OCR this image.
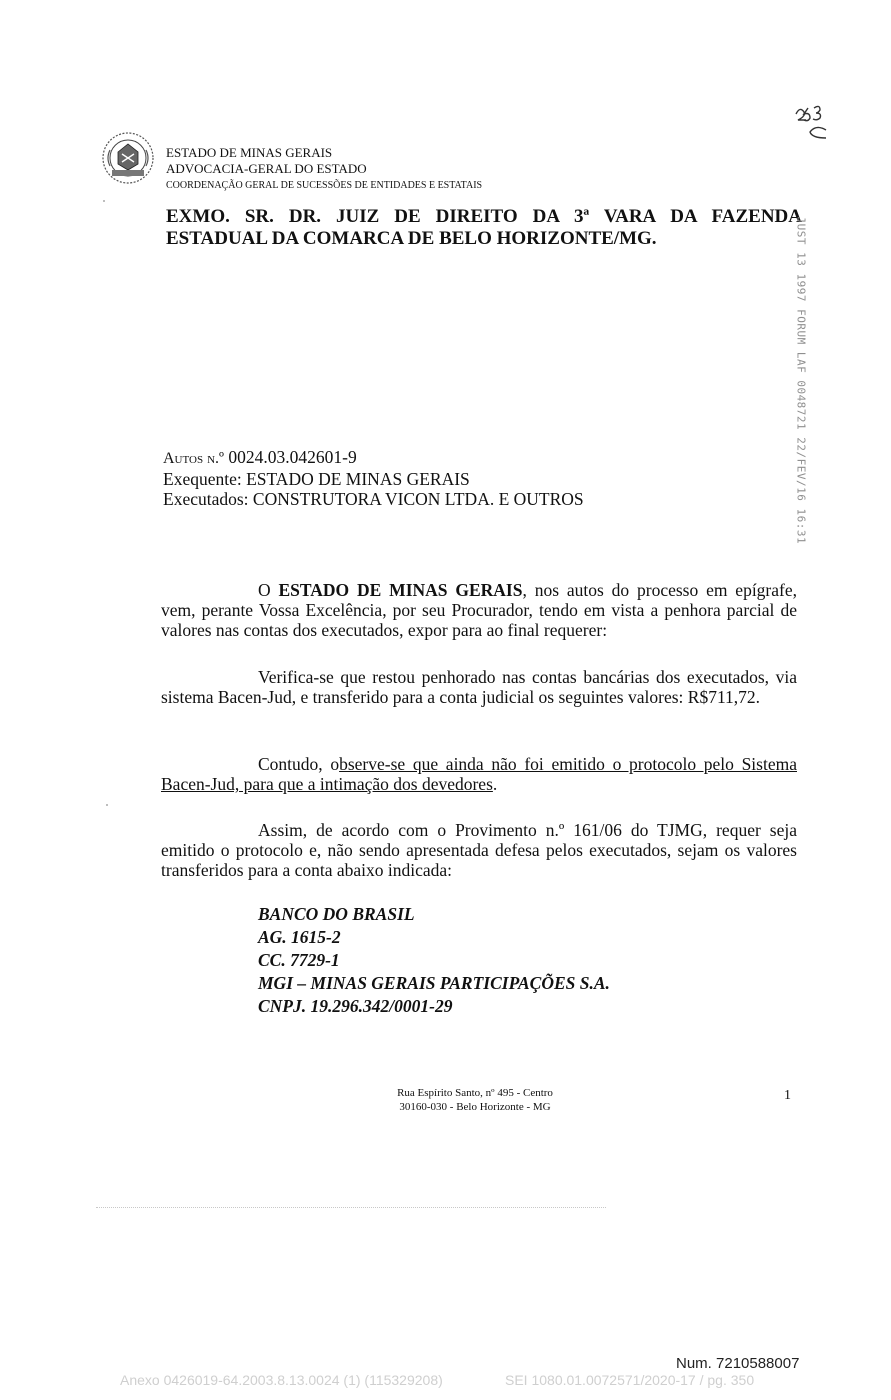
ESTADO DE MINAS GERAIS
ADVOCACIA-GERAL DO ESTADO
COORDENAÇÃO GERAL DE SUCESSÕES DE ENTIDADES E ESTATAIS
EXMO. SR. DR. JUIZ DE DIREITO DA 3ª VARA DA FAZENDA ESTADUAL DA COMARCA DE BELO HORIZONTE/MG.	JUST 13 1997 FORUM LAF 0048721 22/FEV/16 16:31
Autos n.º 0024.03.042601-9
Exequente: ESTADO DE MINAS GERAIS
Executados: CONSTRUTORA VICON LTDA. E OUTROS
O ESTADO DE MINAS GERAIS, nos autos do processo em epígrafe, vem, perante Vossa Excelência, por seu Procurador, tendo em vista a penhora parcial de valores nas contas dos executados, expor para ao final requerer:
Verifica-se que restou penhorado nas contas bancárias dos executados, via sistema Bacen-Jud, e transferido para a conta judicial os seguintes valores: R$711,72.
Contudo, observe-se que ainda não foi emitido o protocolo pelo Sistema Bacen-Jud, para que a intimação dos devedores.
Assim, de acordo com o Provimento n.º 161/06 do TJMG, requer seja emitido o protocolo e, não sendo apresentada defesa pelos executados, sejam os valores transferidos para a conta abaixo indicada:
BANCO DO BRASIL
AG. 1615-2
CC. 7729-1
MGI – MINAS GERAIS PARTICIPAÇÕES S.A.
CNPJ. 19.296.342/0001-29
Rua Espírito Santo, nº 495 - Centro
30160-030 - Belo Horizonte - MG
1
Num. 7210588007
Anexo 0426019-64.2003.8.13.0024 (1) (115329208)	SEI 1080.01.0072571/2020-17 / pg. 350
